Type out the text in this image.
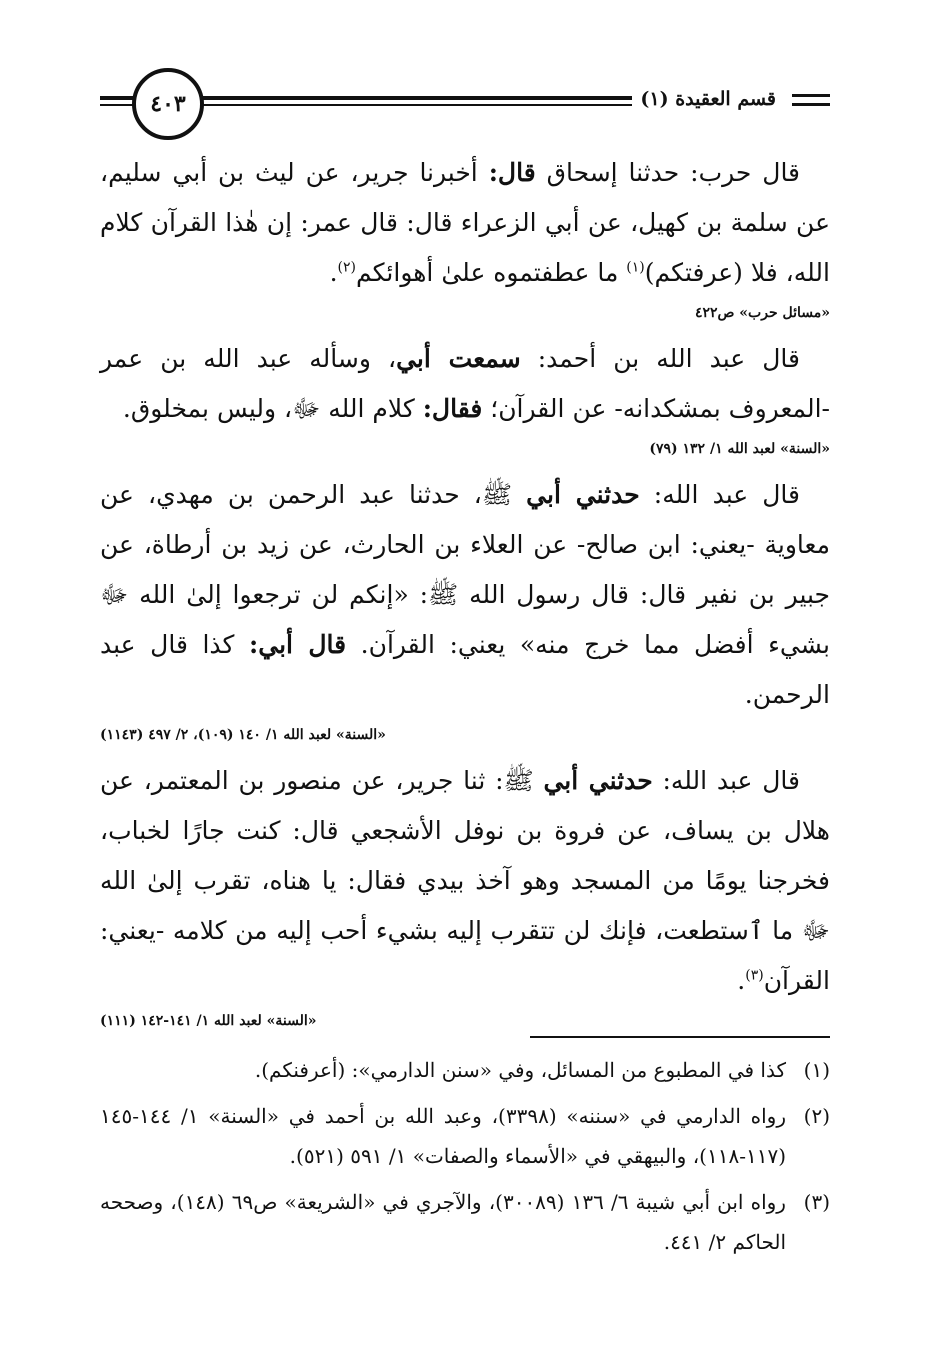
قسم العقيدة (١)
٤٠٣

قال حرب: حدثنا إسحاق قال: أخبرنا جرير، عن ليث بن أبي سليم، عن سلمة بن كهيل، عن أبي الزعراء قال: قال عمر: إن هٰذا القرآن كلام الله، فلا (عرفتكم)$^{(١)}$ ما عطفتموه علىٰ أهوائكم$^{(٢)}$.

«مسائل حرب» ص٤٢٢

قال عبد الله بن أحمد: سمعت أبي، وسأله عبد الله بن عمر -المعروف بمشكدانه- عن القرآن؛ فقال: كلام الله ﷻ، وليس بمخلوق.

«السنة» لعبد الله ١/ ١٣٢ (٧٩)

قال عبد الله: حدثني أبي ﷺ، حدثنا عبد الرحمن بن مهدي، عن معاوية -يعني: ابن صالح- عن العلاء بن الحارث، عن زيد بن أرطاة، عن جبير بن نفير قال: قال رسول الله ﷺ: «إنكم لن ترجعوا إلىٰ الله ﷻ بشيء أفضل مما خرج منه» يعني: القرآن. قال أبي: كذا قال عبد الرحمن.

«السنة» لعبد الله ١/ ١٤٠ (١٠٩)، ٢/ ٤٩٧ (١١٤٣)

قال عبد الله: حدثني أبي ﷺ: ثنا جرير، عن منصور بن المعتمر، عن هلال بن يساف، عن فروة بن نوفل الأشجعي قال: كنت جارًا لخباب، فخرجنا يومًا من المسجد وهو آخذ بيدي فقال: يا هناه، تقرب إلىٰ الله ﷻ ما ٱستطعت، فإنك لن تتقرب إليه بشيء أحب إليه من كلامه -يعني: القرآن$^{(٣)}$.

«السنة» لعبد الله ١/ ١٤١-١٤٢ (١١١)
(١)
كذا في المطبوع من المسائل، وفي «سنن الدارمي»: (أعرفنكم).
(٢)
رواه الدارمي في «سننه» (٣٣٩٨)، وعبد الله بن أحمد في «السنة» ١/ ١٤٤-١٤٥ (١١٧-١١٨)، والبيهقي في «الأسماء والصفات» ١/ ٥٩١ (٥٢١).
(٣)
رواه ابن أبي شيبة ٦/ ١٣٦ (٣٠٠٨٩)، والآجري في «الشريعة» ص٦٩ (١٤٨)، وصححه الحاكم ٢/ ٤٤١.
